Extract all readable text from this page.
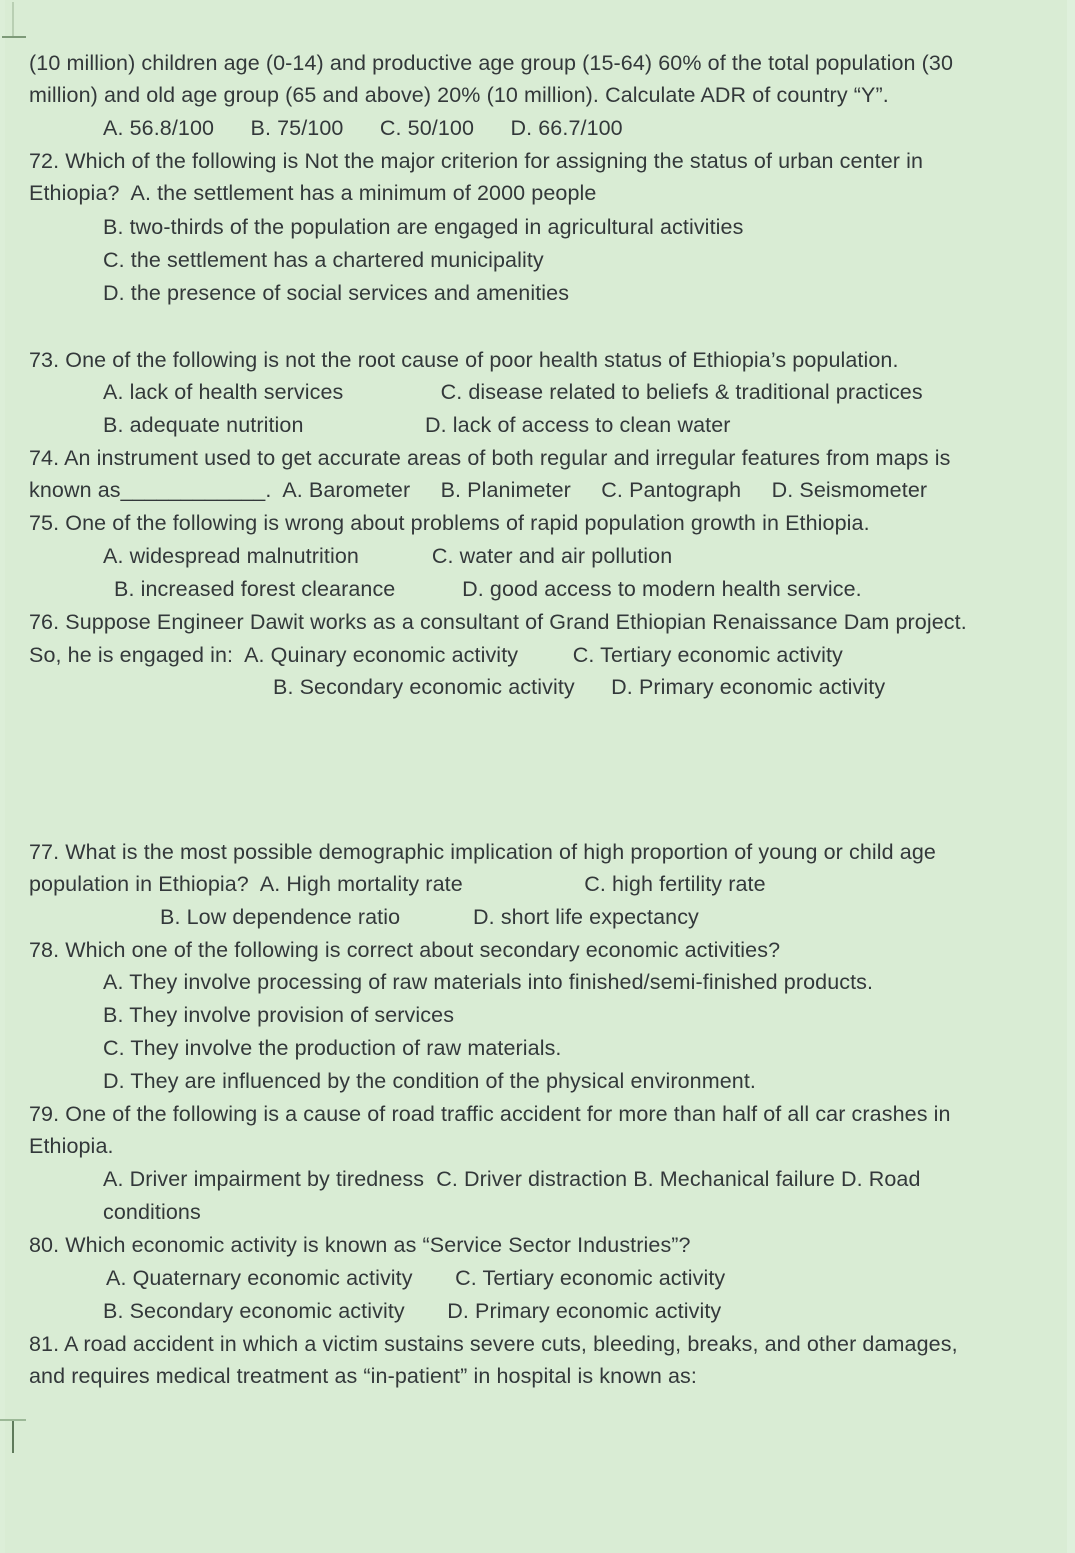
(10 million) children age (0-14) and productive age group (15-64) 60% of the total population (30
million) and old age group (65 and above) 20% (10 million). Calculate ADR of country “Y”.
A. 56.8/100      B. 75/100      C. 50/100      D. 66.7/100
72. Which of the following is Not the major criterion for assigning the status of urban center in
Ethiopia?  A. the settlement has a minimum of 2000 people
B. two-thirds of the population are engaged in agricultural activities
C. the settlement has a chartered municipality
D. the presence of social services and amenities
73. One of the following is not the root cause of poor health status of Ethiopia’s population.
A. lack of health services                C. disease related to beliefs & traditional practices
B. adequate nutrition                    D. lack of access to clean water
74. An instrument used to get accurate areas of both regular and irregular features from maps is
known as____________.  A. Barometer     B. Planimeter     C. Pantograph     D. Seismometer
75. One of the following is wrong about problems of rapid population growth in Ethiopia.
A. widespread malnutrition            C. water and air pollution
B. increased forest clearance           D. good access to modern health service.
76. Suppose Engineer Dawit works as a consultant of Grand Ethiopian Renaissance Dam project.
So, he is engaged in:  A. Quinary economic activity         C. Tertiary economic activity
B. Secondary economic activity      D. Primary economic activity
77. What is the most possible demographic implication of high proportion of young or child age
population in Ethiopia?  A. High mortality rate                    C. high fertility rate
B. Low dependence ratio            D. short life expectancy
78. Which one of the following is correct about secondary economic activities?
A. They involve processing of raw materials into finished/semi-finished products.
B. They involve provision of services
C. They involve the production of raw materials.
D. They are influenced by the condition of the physical environment.
79. One of the following is a cause of road traffic accident for more than half of all car crashes in
Ethiopia.
A. Driver impairment by tiredness  C. Driver distraction B. Mechanical failure D. Road
conditions
80. Which economic activity is known as “Service Sector Industries”?
A. Quaternary economic activity       C. Tertiary economic activity
B. Secondary economic activity       D. Primary economic activity
81. A road accident in which a victim sustains severe cuts, bleeding, breaks, and other damages,
and requires medical treatment as “in-patient” in hospital is known as:
